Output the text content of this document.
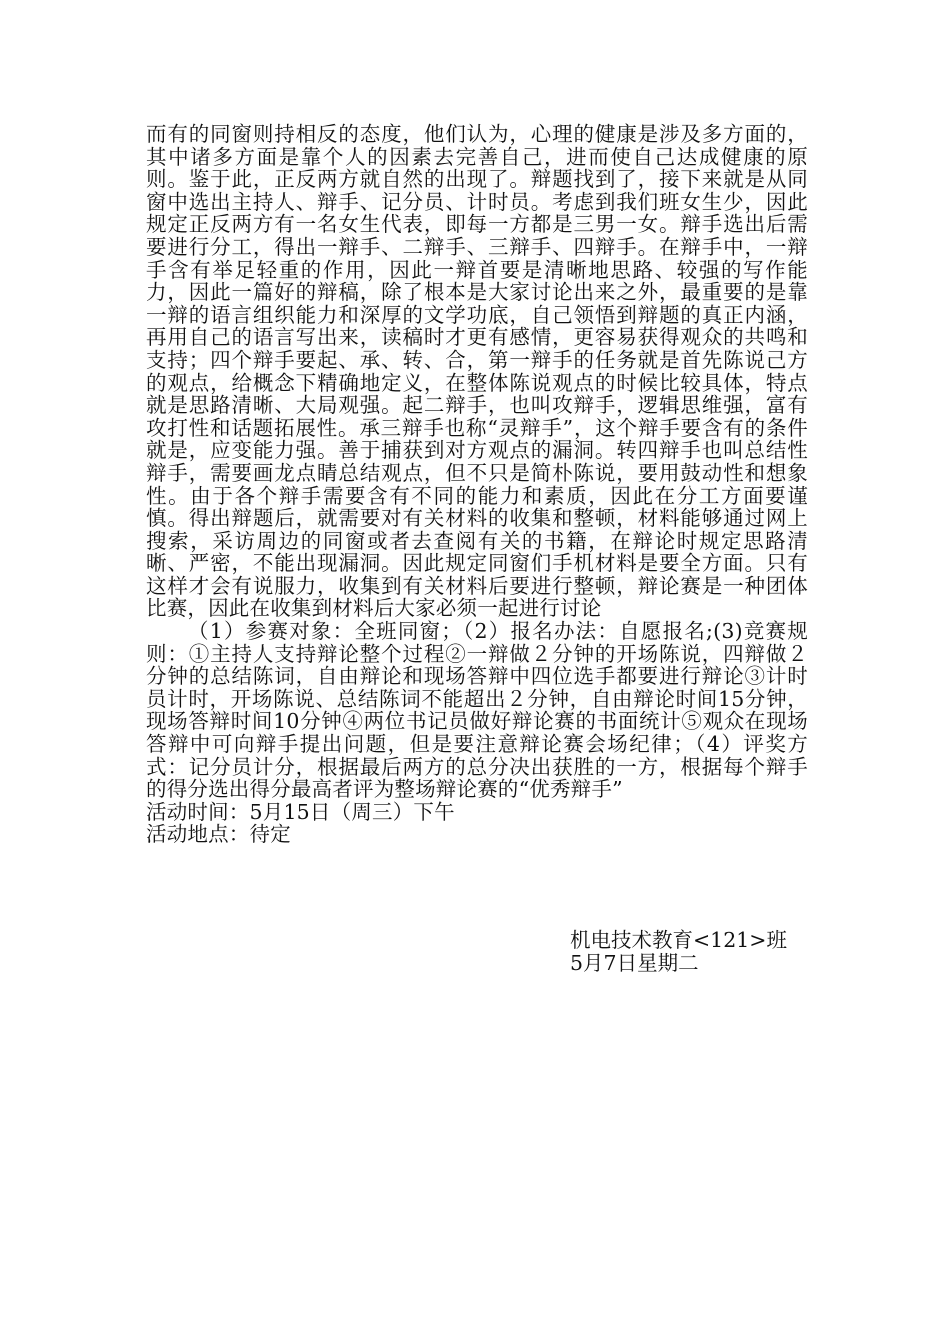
而有的同窗则持相反的态度，他们认为，心理的健康是涉及多方面的，其中诸多方面是靠个人的因素去完善自己，进而使自己达成健康的原则。鉴于此，正反两方就自然的出现了。辩题找到了，接下来就是从同窗中选出主持人、辩手、记分员、计时员。考虑到我们班女生少，因此规定正反两方有一名女生代表，即每一方都是三男一女。辩手选出后需要进行分工，得出一辩手、二辩手、三辩手、四辩手。在辩手中，一辩手含有举足轻重的作用，因此一辩首要是清晰地思路、较强的写作能力，因此一篇好的辩稿，除了根本是大家讨论出来之外，最重要的是靠一辩的语言组织能力和深厚的文学功底，自己领悟到辩题的真正内涵，再用自己的语言写出来，读稿时才更有感情，更容易获得观众的共鸣和支持；四个辩手要起、承、转、合，第一辩手的任务就是首先陈说己方的观点，给概念下精确地定义，在整体陈说观点的时候比较具体，特点就是思路清晰、大局观强。起二辩手，也叫攻辩手，逻辑思维强，富有攻打性和话题拓展性。承三辩手也称“灵辩手”，这个辩手要含有的条件就是，应变能力强。善于捕获到对方观点的漏洞。转四辩手也叫总结性辩手，需要画龙点睛总结观点，但不只是简朴陈说，要用鼓动性和想象性。由于各个辩手需要含有不同的能力和素质，因此在分工方面要谨慎。得出辩题后，就需要对有关材料的收集和整顿，材料能够通过网上搜索，采访周边的同窗或者去查阅有关的书籍，在辩论时规定思路清晰、严密，不能出现漏洞。因此规定同窗们手机材料是要全方面。只有这样才会有说服力，收集到有关材料后要进行整顿，辩论赛是一种团体比赛，因此在收集到材料后大家必须一起进行讨论

（1）参赛对象：全班同窗；（2）报名办法：自愿报名;(3)竞赛规则：①主持人支持辩论整个过程②一辩做２分钟的开场陈说，四辩做２分钟的总结陈词，自由辩论和现场答辩中四位选手都要进行辩论③计时员计时，开场陈说、总结陈词不能超出２分钟，自由辩论时间15分钟，现场答辩时间10分钟④两位书记员做好辩论赛的书面统计⑤观众在现场答辩中可向辩手提出问题，但是要注意辩论赛会场纪律；（4）评奖方式：记分员计分，根据最后两方的总分决出获胜的一方，根据每个辩手的得分选出得分最高者评为整场辩论赛的“优秀辩手”

活动时间：5月15日（周三）下午

活动地点：待定

机电技术教育<121>班

5月7日星期二
